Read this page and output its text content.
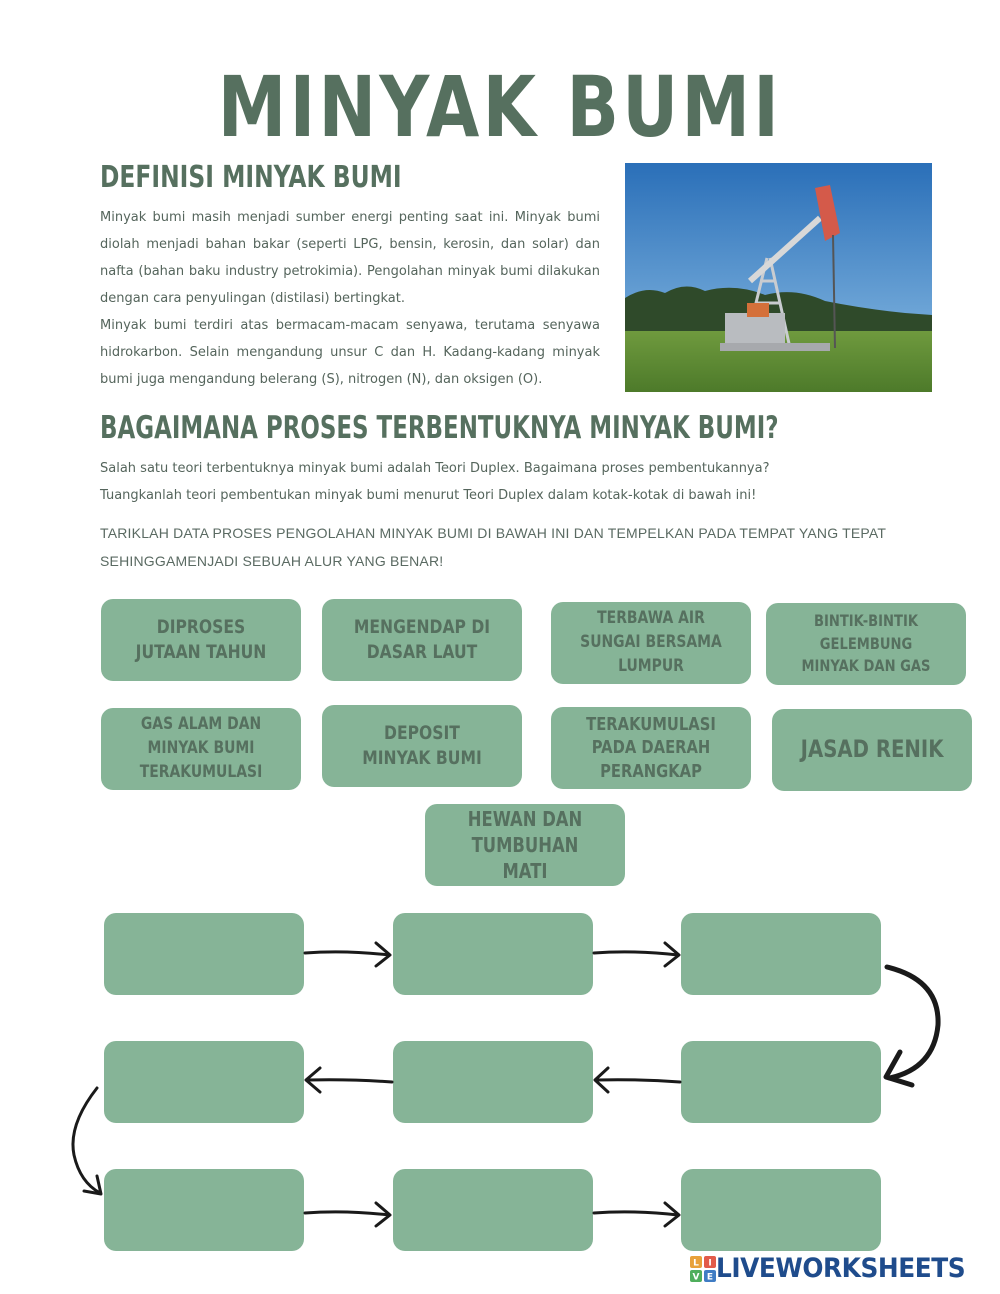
MINYAK BUMI
DEFINISI MINYAK BUMI

Minyak bumi masih menjadi sumber energi penting saat ini. Minyak bumi diolah menjadi bahan bakar (seperti LPG, bensin, kerosin, dan solar) dan nafta (bahan baku industry petrokimia). Pengolahan minyak bumi dilakukan dengan cara penyulingan (distilasi) bertingkat.

Minyak bumi terdiri atas bermacam-macam senyawa, terutama senyawa hidrokarbon. Selain mengandung unsur C dan H. Kadang-kadang minyak bumi juga mengandung belerang (S), nitrogen (N), dan oksigen (O).

BAGAIMANA PROSES TERBENTUKNYA MINYAK BUMI?

Salah satu teori terbentuknya minyak bumi adalah Teori Duplex. Bagaimana proses pembentukannya?

Tuangkanlah teori pembentukan minyak bumi menurut Teori Duplex dalam kotak-kotak di bawah ini!

TARIKLAH DATA PROSES PENGOLAHAN MINYAK BUMI DI BAWAH INI DAN TEMPELKAN PADA TEMPAT YANG TEPAT SEHINGGAMENJADI SEBUAH ALUR YANG BENAR!
DIPROSES JUTAAN TAHUN
MENGENDAP DI DASAR LAUT
TERBAWA AIR SUNGAI BERSAMA LUMPUR
BINTIK-BINTIK GELEMBUNG MINYAK DAN GAS
GAS ALAM DAN MINYAK BUMI TERAKUMULASI
DEPOSIT MINYAK BUMI
TERAKUMULASI PADA DAERAH PERANGKAP
JASAD RENIK
HEWAN DAN TUMBUHAN MATI
L I
V E LIVEWORKSHEETS
